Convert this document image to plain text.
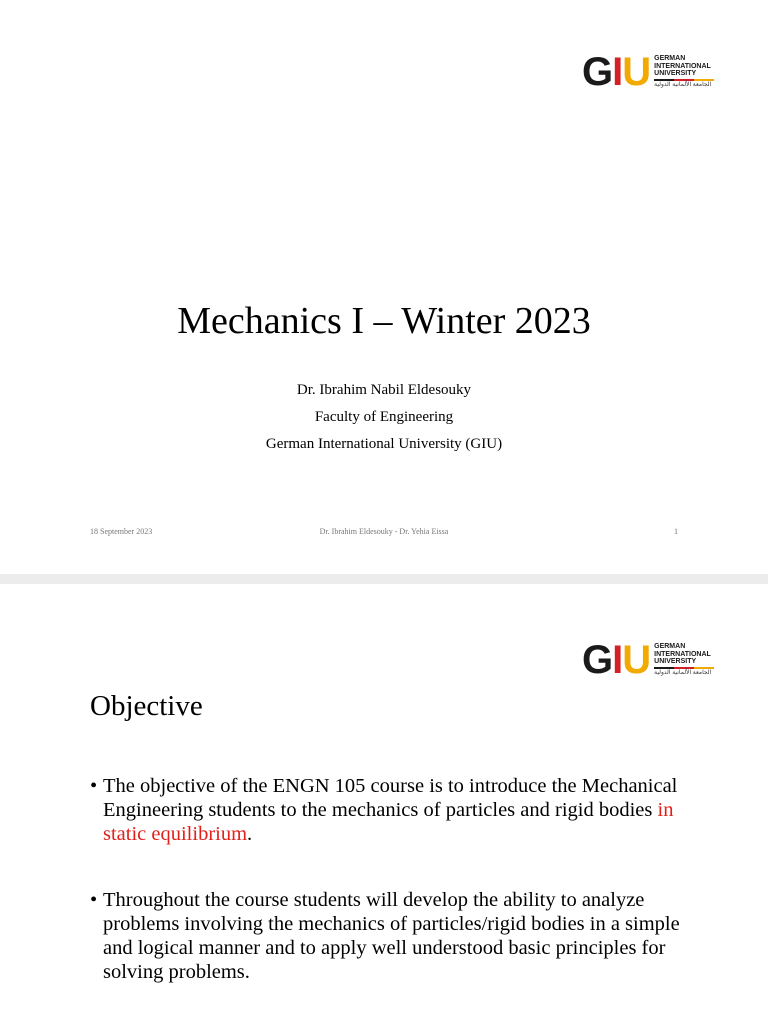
G I U GERMAN
INTERNATIONAL
UNIVERSITY
الجامعة الألمانية الدولية
Mechanics I – Winter 2023
Dr. Ibrahim Nabil Eldesouky
Faculty of Engineering
German International University (GIU)
18 September 2023	Dr. Ibrahim Eldesouky - Dr. Yehia Eissa	1
G I U GERMAN
INTERNATIONAL
UNIVERSITY
الجامعة الألمانية الدولية
Objective
• The objective of the ENGN 105 course is to introduce the Mechanical Engineering students to the mechanics of particles and rigid bodies in static equilibrium.
• Throughout the course students will develop the ability to analyze problems involving the mechanics of particles/rigid bodies in a simple and logical manner and to apply well understood basic principles for solving problems.
